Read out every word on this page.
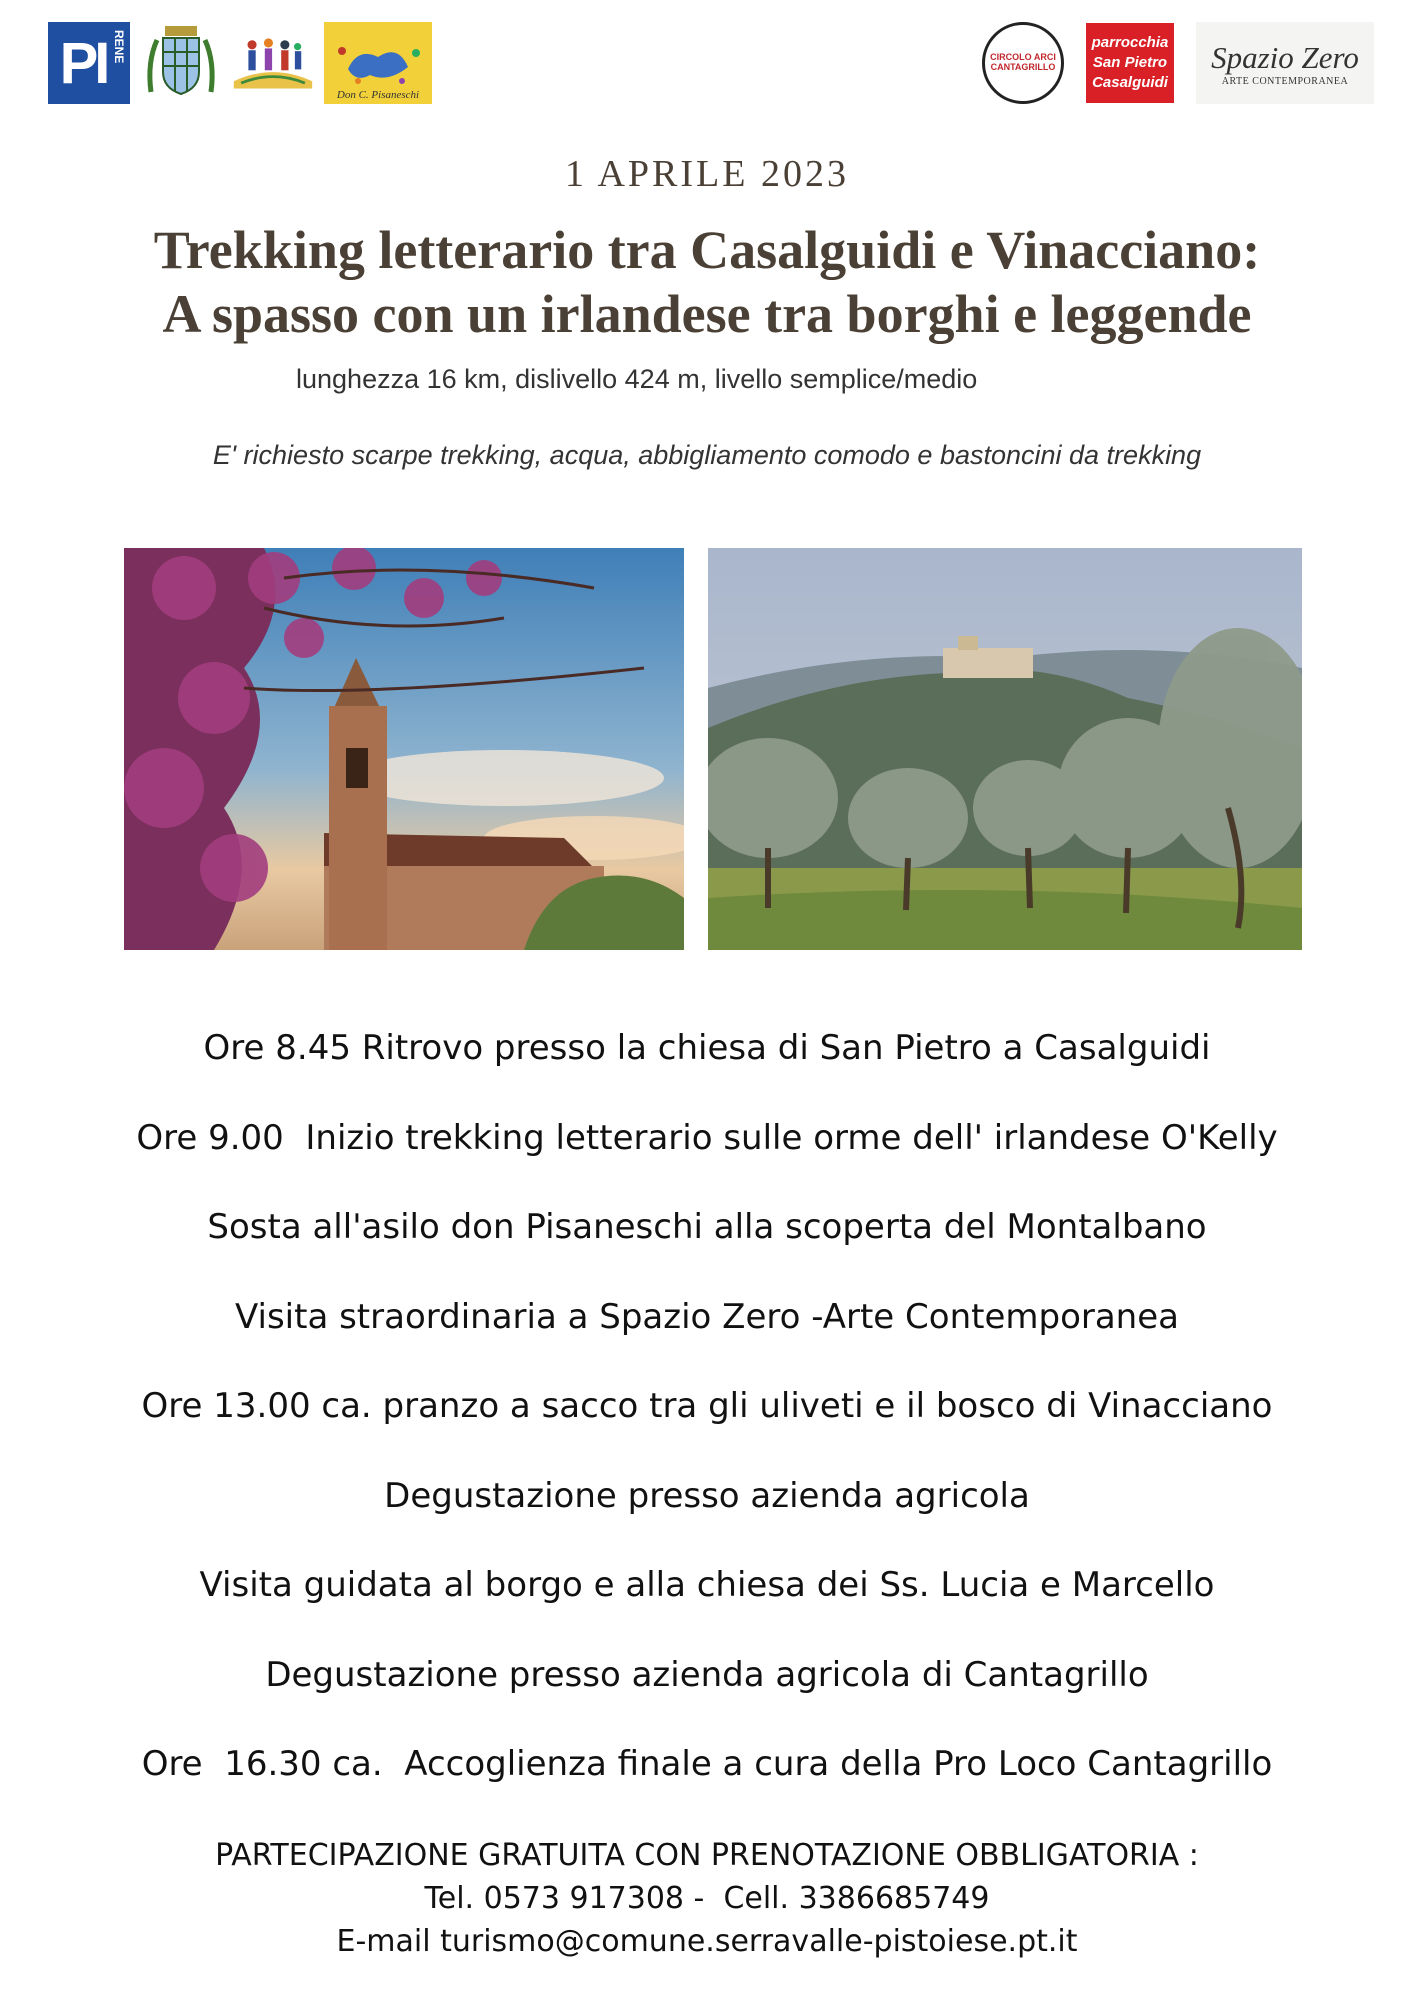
PI RENE
Don C. Pisaneschi
CIRCOLO ARCI CANTAGRILLO
parrocchia
San Pietro
Casalguidi
Spazio Zero
ARTE CONTEMPORANEA
1 APRILE 2023
Trekking letterario tra Casalguidi e Vinacciano:
A spasso con un irlandese tra borghi e leggende
lunghezza 16 km, dislivello 424 m, livello semplice/medio
E' richiesto scarpe trekking, acqua, abbigliamento comodo e bastoncini da trekking
Ore 8.45 Ritrovo presso la chiesa di San Pietro a Casalguidi
Ore 9.00  Inizio trekking letterario sulle orme dell' irlandese O'Kelly
Sosta all'asilo don Pisaneschi alla scoperta del Montalbano
Visita straordinaria a Spazio Zero -Arte Contemporanea
Ore 13.00 ca. pranzo a sacco tra gli uliveti e il bosco di Vinacciano
Degustazione presso azienda agricola
Visita guidata al borgo e alla chiesa dei Ss. Lucia e Marcello
Degustazione presso azienda agricola di Cantagrillo
Ore  16.30 ca.  Accoglienza finale a cura della Pro Loco Cantagrillo
PARTECIPAZIONE GRATUITA CON PRENOTAZIONE OBBLIGATORIA :
Tel. 0573 917308 -  Cell. 3386685749
E-mail turismo@comune.serravalle-pistoiese.pt.it
